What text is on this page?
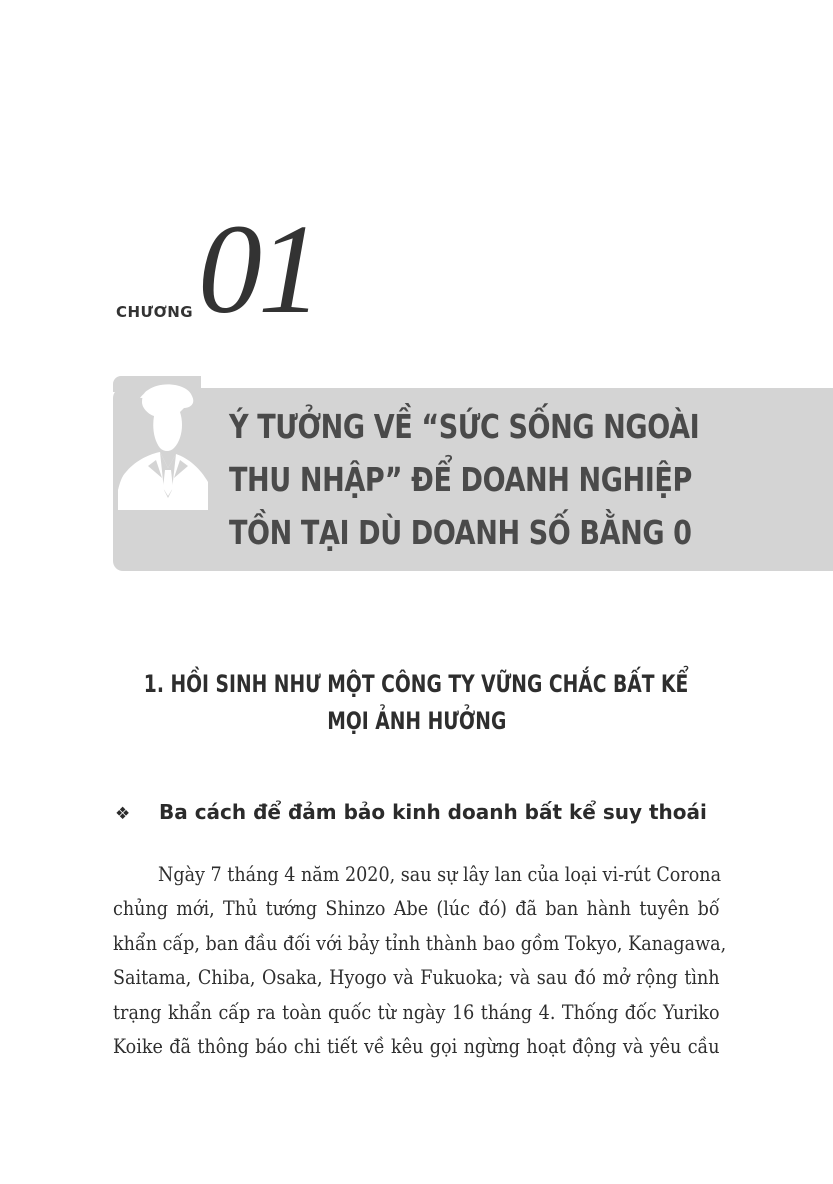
CHƯƠNG 01
Ý TƯỞNG VỀ “SỨC SỐNG NGOÀI
THU NHẬP” ĐỂ DOANH NGHIỆP
TỒN TẠI DÙ DOANH SỐ BẰNG 0
1. HỒI SINH NHƯ MỘT CÔNG TY VỮNG CHẮC BẤT KỂ
MỌI ẢNH HƯỞNG
❖ Ba cách để đảm bảo kinh doanh bất kể suy thoái
Ngày 7 tháng 4 năm 2020, sau sự lây lan của loại vi-rút Corona
chủng mới, Thủ tướng Shinzo Abe (lúc đó) đã ban hành tuyên bố
khẩn cấp, ban đầu đối với bảy tỉnh thành bao gồm Tokyo, Kanagawa,
Saitama, Chiba, Osaka, Hyogo và Fukuoka; và sau đó mở rộng tình
trạng khẩn cấp ra toàn quốc từ ngày 16 tháng 4. Thống đốc Yuriko
Koike đã thông báo chi tiết về kêu gọi ngừng hoạt động và yêu cầu
